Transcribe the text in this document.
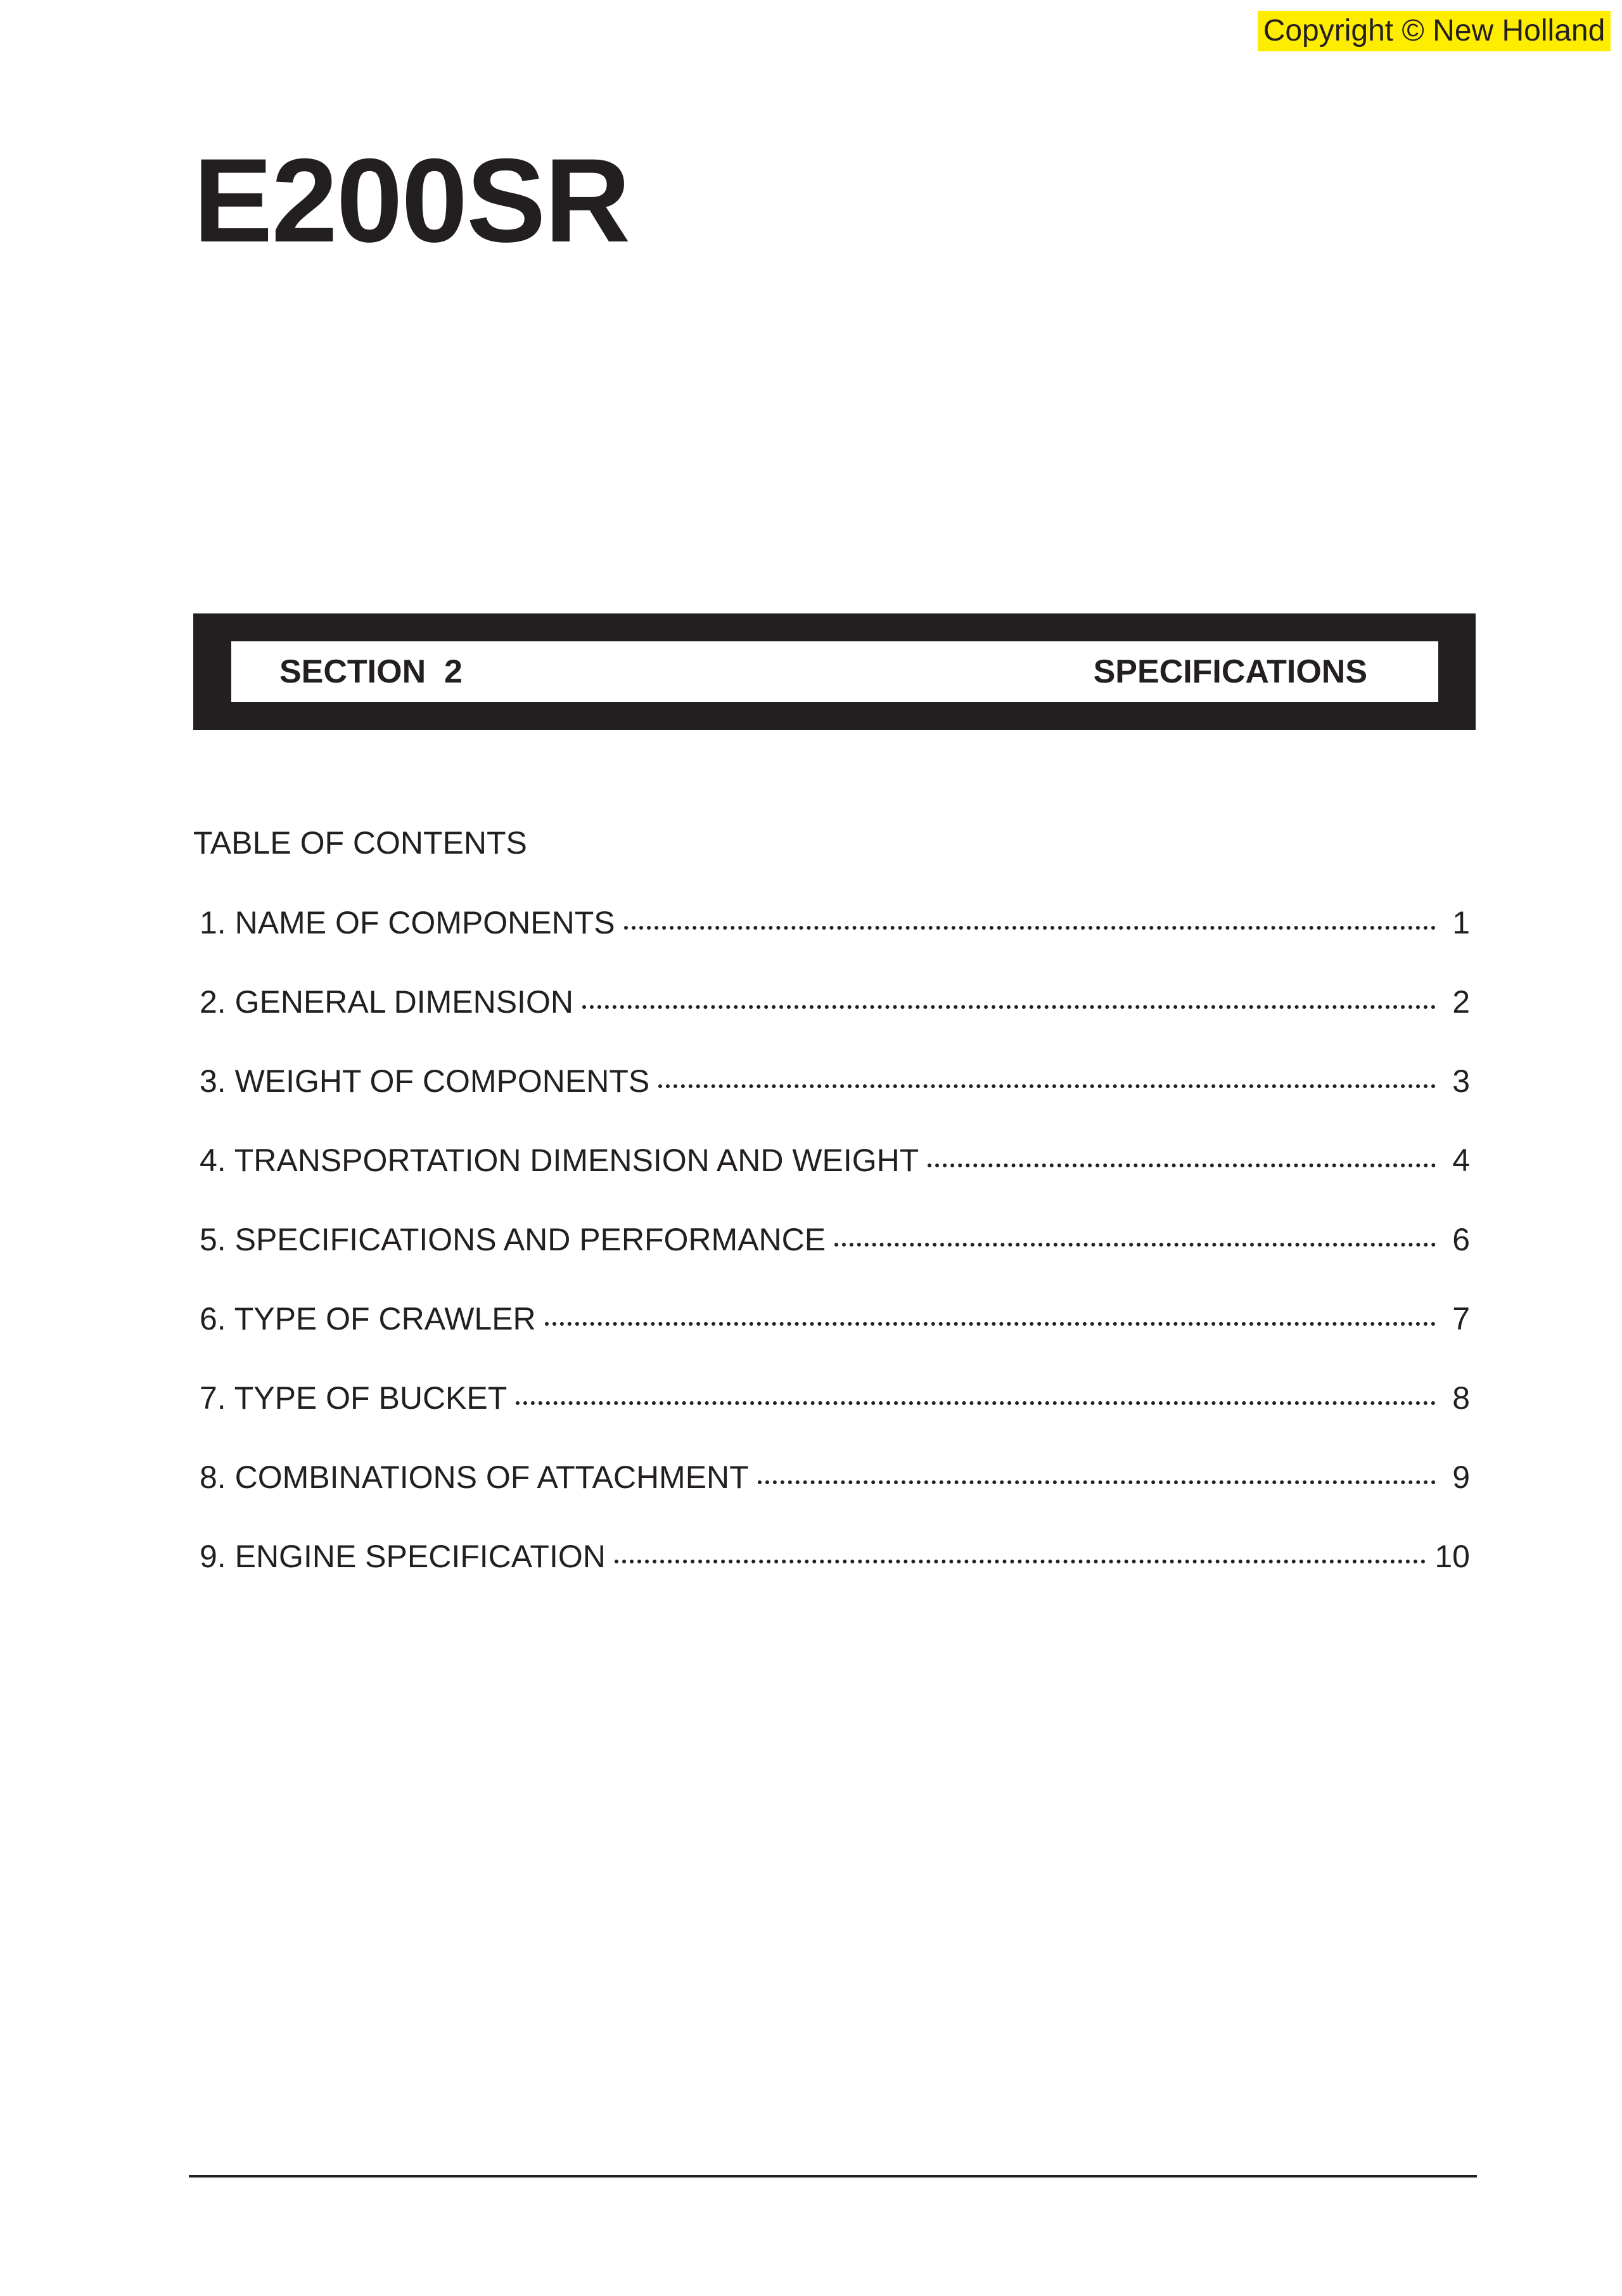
Copyright © New Holland
E200SR
SECTION  2	SPECIFICATIONS
TABLE OF CONTENTS
1. NAME OF COMPONENTS	1
2. GENERAL DIMENSION	2
3. WEIGHT OF COMPONENTS	3
4. TRANSPORTATION DIMENSION AND WEIGHT	4
5. SPECIFICATIONS AND PERFORMANCE	6
6. TYPE OF CRAWLER	7
7. TYPE OF BUCKET	8
8. COMBINATIONS OF ATTACHMENT	9
9. ENGINE SPECIFICATION	10
